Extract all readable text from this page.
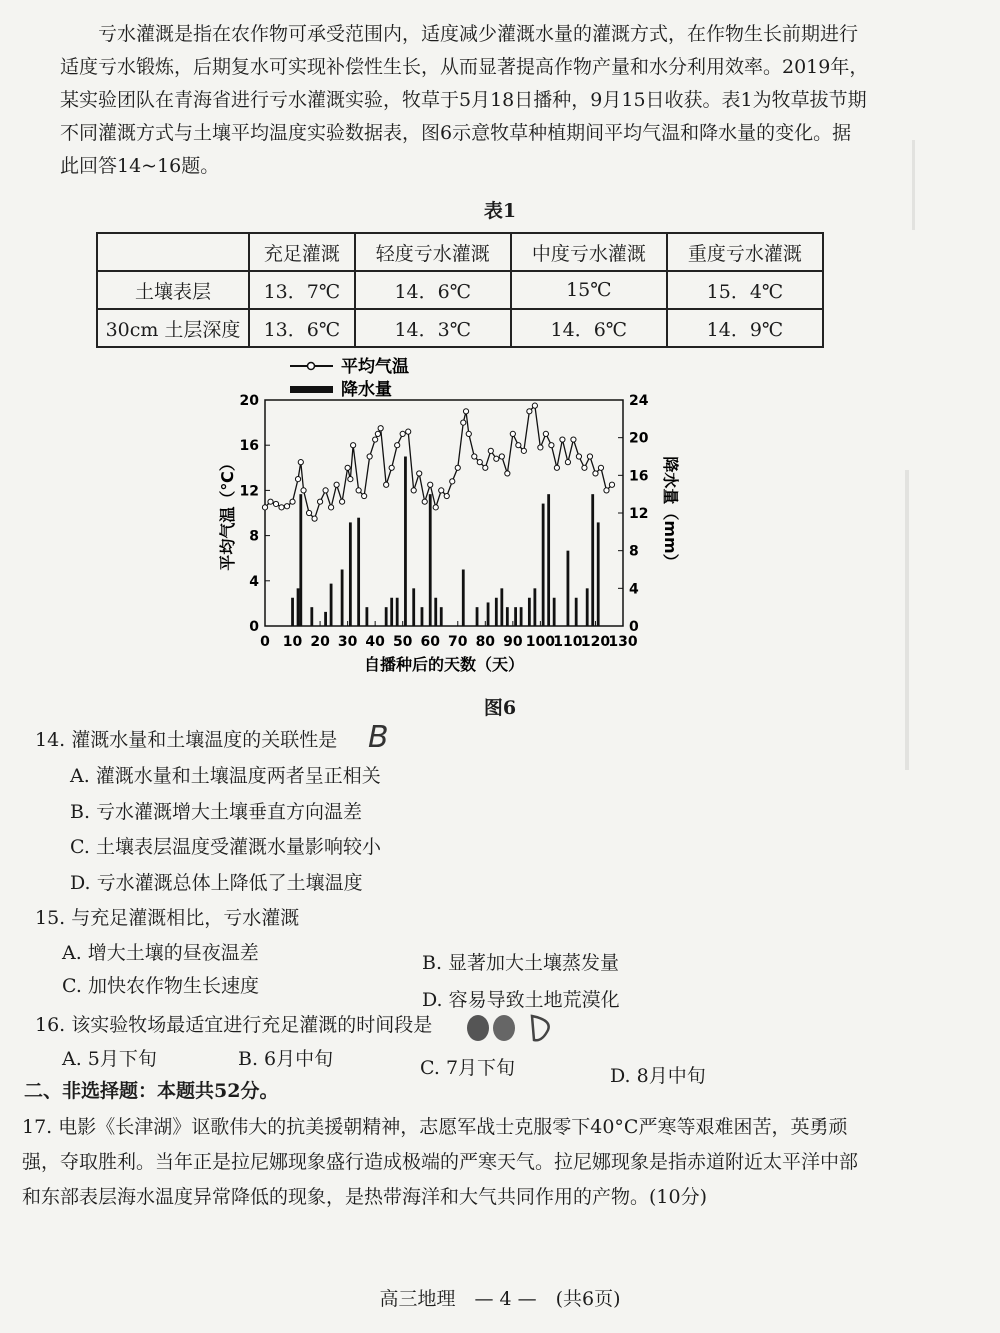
亏水灌溉是指在农作物可承受范围内，适度减少灌溉水量的灌溉方式，在作物生长前期进行适度亏水锻炼，后期复水可实现补偿性生长，从而显著提高作物产量和水分利用效率。2019年，某实验团队在青海省进行亏水灌溉实验，牧草于5月18日播种，9月15日收获。表1为牧草拔节期不同灌溉方式与土壤平均温度实验数据表，图6示意牧草种植期间平均气温和降水量的变化。据此回答14~16题。

表1
	充足灌溉	轻度亏水灌溉	中度亏水灌溉	重度亏水灌溉
土壤表层	13．7℃	14．6℃	15℃	15．4℃
30cm 土层深度	13．6℃	14．3℃	14．6℃	14．9℃
平均气温
降水量
0 10 20 30 40 50 60 70 80 90 100
110
120
130
0
4
8
12
16
20
0
4
8
12
16
20
24
自播种后的天数（天）
平均气温（℃）	降水量（mm）
图6
14. 灌溉水量和土壤温度的关联性是 B
A. 灌溉水量和土壤温度两者呈正相关
B. 亏水灌溉增大土壤垂直方向温差
C. 土壤表层温度受灌溉水量影响较小
D. 亏水灌溉总体上降低了土壤温度
15. 与充足灌溉相比，亏水灌溉
A. 增大土壤的昼夜温差	B. 显著加大土壤蒸发量
C. 加快农作物生长速度
D. 容易导致土地荒漠化
16. 该实验牧场最适宜进行充足灌溉的时间段是
A. 5月下旬	B. 6月中旬	C. 7月下旬	D. 8月中旬
二、非选择题：本题共52分。

17. 电影《长津湖》讴歌伟大的抗美援朝精神，志愿军战士克服零下40°C严寒等艰难困苦，英勇顽强，夺取胜利。当年正是拉尼娜现象盛行造成极端的严寒天气。拉尼娜现象是指赤道附近太平洋中部和东部表层海水温度异常降低的现象，是热带海洋和大气共同作用的产物。(10分)

高三地理　— 4 —　(共6页)
